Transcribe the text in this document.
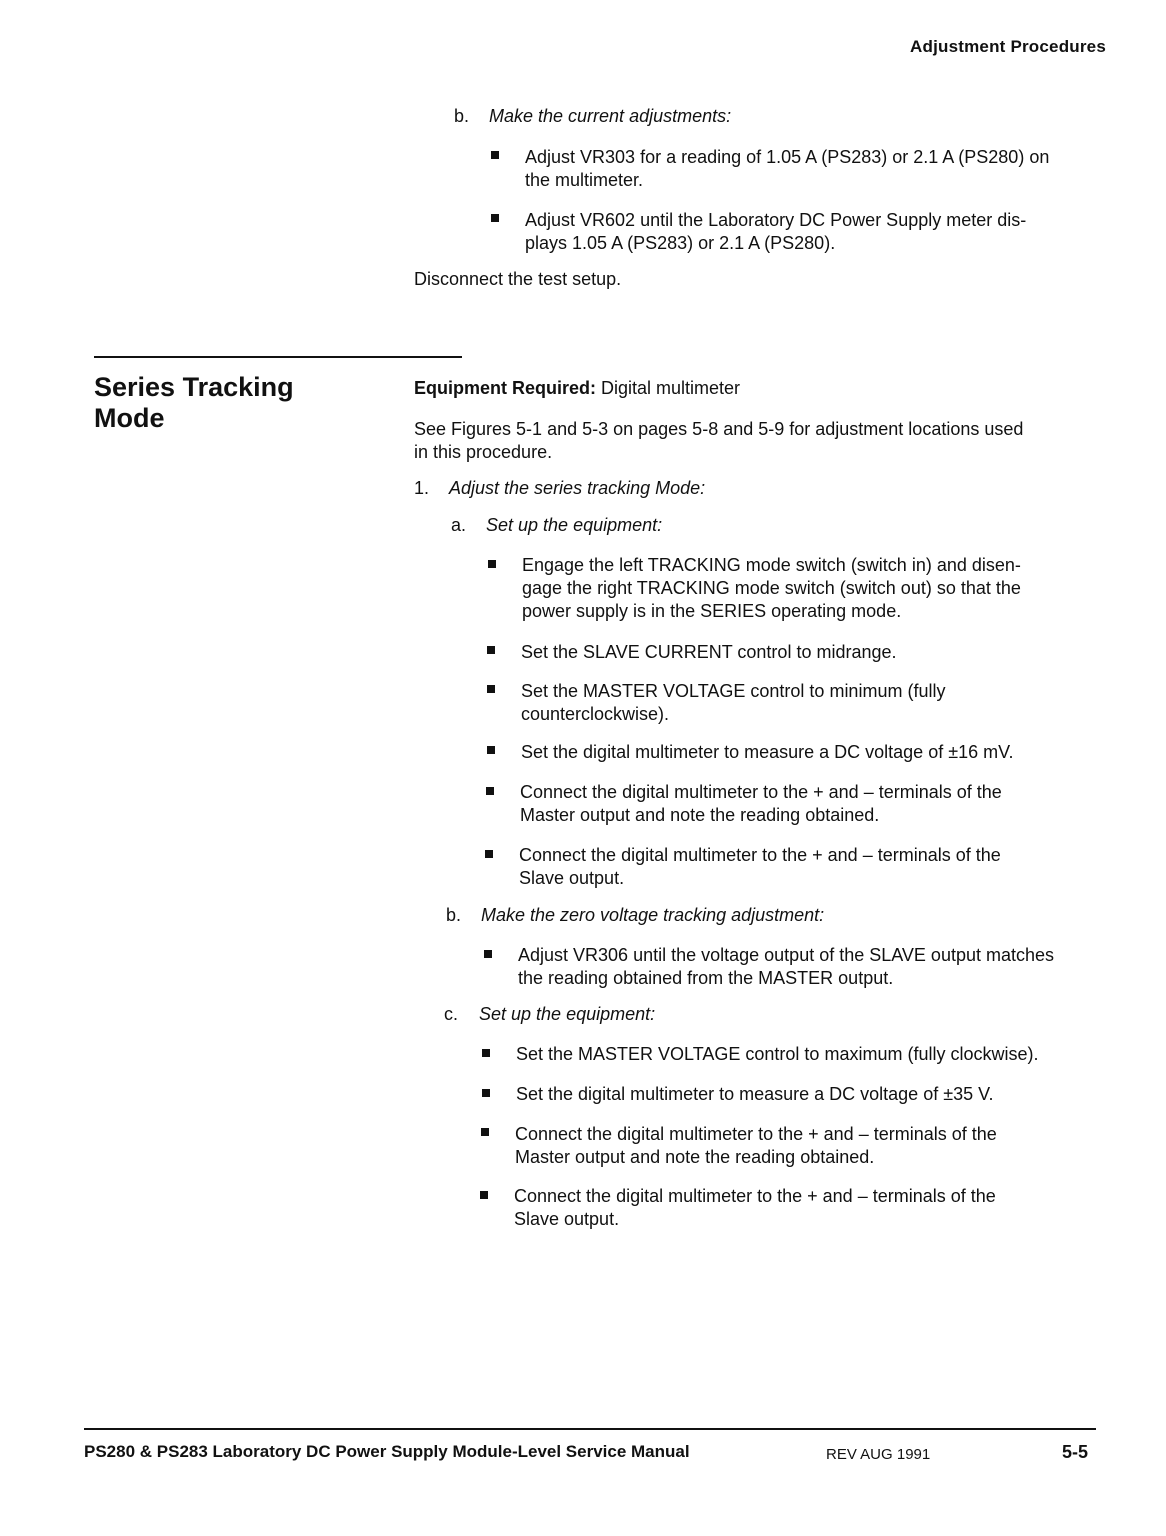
Adjustment Procedures
b. Make the current adjustments:
Adjust VR303 for a reading of 1.05 A (PS283) or 2.1 A (PS280) on
the multimeter.
Adjust VR602 until the Laboratory DC Power Supply meter dis-
plays 1.05 A (PS283) or 2.1 A (PS280).
Disconnect the test setup.
Series Tracking
Mode
Equipment Required: Digital multimeter
See Figures 5-1 and 5-3 on pages 5-8 and 5-9 for adjustment locations used
in this procedure.
1. Adjust the series tracking Mode:
a. Set up the equipment:
Engage the left TRACKING mode switch (switch in) and disen-
gage the right TRACKING mode switch (switch out) so that the
power supply is in the SERIES operating mode.
Set the SLAVE CURRENT control to midrange.
Set the MASTER VOLTAGE control to minimum (fully
counterclockwise).
Set the digital multimeter to measure a DC voltage of ±16 mV.
Connect the digital multimeter to the + and – terminals of the
Master output and note the reading obtained.
Connect the digital multimeter to the + and – terminals of the
Slave output.
b. Make the zero voltage tracking adjustment:
Adjust VR306 until the voltage output of the SLAVE output matches
the reading obtained from the MASTER output.
c. Set up the equipment:
Set the MASTER VOLTAGE control to maximum (fully clockwise).
Set the digital multimeter to measure a DC voltage of ±35 V.
Connect the digital multimeter to the + and – terminals of the
Master output and note the reading obtained.
Connect the digital multimeter to the + and – terminals of the
Slave output.
PS280 & PS283 Laboratory DC Power Supply Module-Level Service Manual	REV AUG 1991	5-5
